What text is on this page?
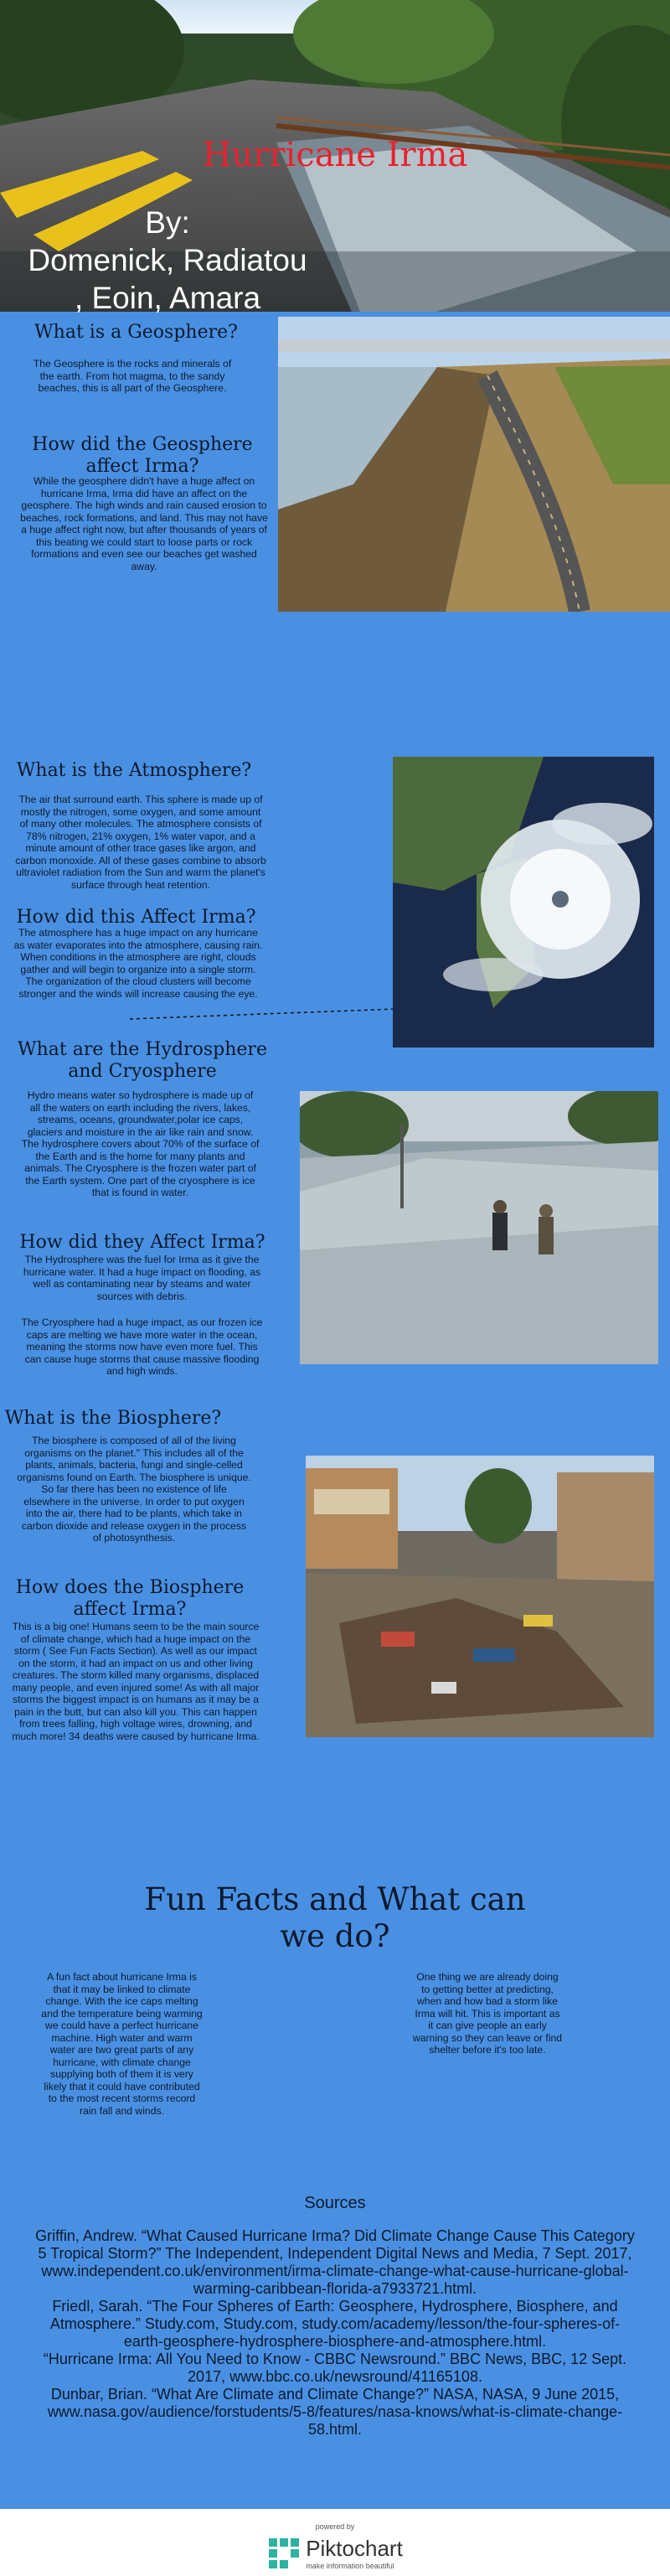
Hurricane Irma
By:
Domenick, Radiatou
, Eoin, Amara
What is a Geosphere?
The Geosphere is the rocks and minerals of the earth. From hot magma, to the sandy beaches, this is all part of the Geosphere.
How did the Geosphere affect Irma?
While the geosphere didn't have a huge affect on hurricane Irma, Irma did have an affect on the geosphere. The high winds and rain caused erosion to beaches, rock formations, and land. This may not have a huge affect right now, but after thousands of years of this beating we could start to loose parts or rock formations and even see our beaches get washed away.
What is the Atmosphere?
The air that surround earth. This sphere is made up of mostly the nitrogen, some oxygen, and some amount of many other molecules. The atmosphere consists of 78% nitrogen, 21% oxygen, 1% water vapor, and a minute amount of other trace gases like argon, and carbon monoxide. All of these gases combine to absorb ultraviolet radiation from the Sun and warm the planet's surface through heat retention.
How did this Affect Irma?
The atmosphere has a huge impact on any hurricane as water evaporates into the atmosphere, causing rain. When conditions in the atmosphere are right, clouds gather and will begin to organize into a single storm. The organization of the cloud clusters will become stronger and the winds will increase causing the eye.
What are the Hydrosphere and Cryosphere
Hydro means water so hydrosphere is made up of all the waters on earth including the rivers, lakes, streams, oceans, groundwater,polar ice caps, glaciers and moisture in the air like rain and snow. The hydrosphere covers about 70% of the surface of the Earth and is the home for many plants and animals. The Cryosphere is the frozen water part of the Earth system. One part of the cryosphere is ice that is found in water.
How did they Affect Irma?
The Hydrosphere was the fuel for Irma as it give the hurricane water. It had a huge impact on flooding, as well as contaminating near by steams and water sources with debris.
The Cryosphere had a huge impact, as our frozen ice caps are melting we have more water in the ocean, meaning the storms now have even more fuel. This can cause huge storms that cause massive flooding and high winds.
What is the Biosphere?
The biosphere is composed of all of the living organisms on the planet." This includes all of the plants, animals, bacteria, fungi and single-celled organisms found on Earth. The biosphere is unique. So far there has been no existence of life elsewhere in the universe. In order to put oxygen into the air, there had to be plants, which take in carbon dioxide and release oxygen in the process of photosynthesis.
How does the Biosphere affect Irma?
This is a big one! Humans seem to be the main source of climate change, which had a huge impact on the storm ( See Fun Facts Section). As well as our impact on the storm, it had an impact on us and other living creatures. The storm killed many organisms, displaced many people, and even injured some! As with all major storms the biggest impact is on humans as it may be a pain in the butt, but can also kill you. This can happen from trees falling, high voltage wires, drowning, and much more! 34 deaths were caused by hurricane Irma.
Fun Facts and What can we do?
A fun fact about hurricane Irma is that it may be linked to climate change. With the ice caps melting and the temperature being warming we could have a perfect hurricane machine. High water and warm water are two great parts of any hurricane, with climate change supplying both of them it is very likely that it could have contributed to the most recent storms record rain fall and winds.
One thing we are already doing to getting better at predicting, when and how bad a storm like Irma will hit. This is important as it can give people an early warning so they can leave or find shelter before it's too late.
Sources
Griffin, Andrew. “What Caused Hurricane Irma? Did Climate Change Cause This Category 5 Tropical Storm?” The Independent, Independent Digital News and Media, 7 Sept. 2017, www.independent.co.uk/environment/irma-climate-change-what-cause-hurricane-global-warming-caribbean-florida-a7933721.html.
Friedl, Sarah. “The Four Spheres of Earth: Geosphere, Hydrosphere, Biosphere, and Atmosphere.” Study.com, Study.com, study.com/academy/lesson/the-four-spheres-of-earth-geosphere-hydrosphere-biosphere-and-atmosphere.html.
“Hurricane Irma: All You Need to Know - CBBC Newsround.” BBC News, BBC, 12 Sept. 2017, www.bbc.co.uk/newsround/41165108.
Dunbar, Brian. “What Are Climate and Climate Change?” NASA, NASA, 9 June 2015, www.nasa.gov/audience/forstudents/5-8/features/nasa-knows/what-is-climate-change-58.html.
powered by
Piktochart
make information beautiful
